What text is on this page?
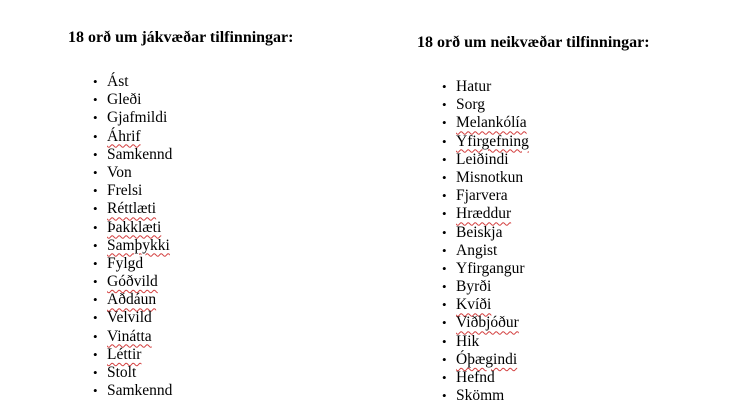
18 orð um jákvæðar tilfinningar:

• Ást
• Gleði
• Gjafmildi
• Áhrif
• Samkennd
• Von
• Frelsi
• Réttlæti
• Þakklæti
• Samþykki
• Fylgd
• Góðvild
• Aðdáun
• Velvild
• Vinátta
• Léttir
• Stolt
• Samkennd

18 orð um neikvæðar tilfinningar:

• Hatur
• Sorg
• Melankólía
• Yfirgefning
• Leiðindi
• Misnotkun
• Fjarvera
• Hræddur
• Beiskja
• Angist
• Yfirgangur
• Byrði
• Kvíði
• Viðbjóður
• Hik
• Óþægindi
• Hefnd
• Skömm
